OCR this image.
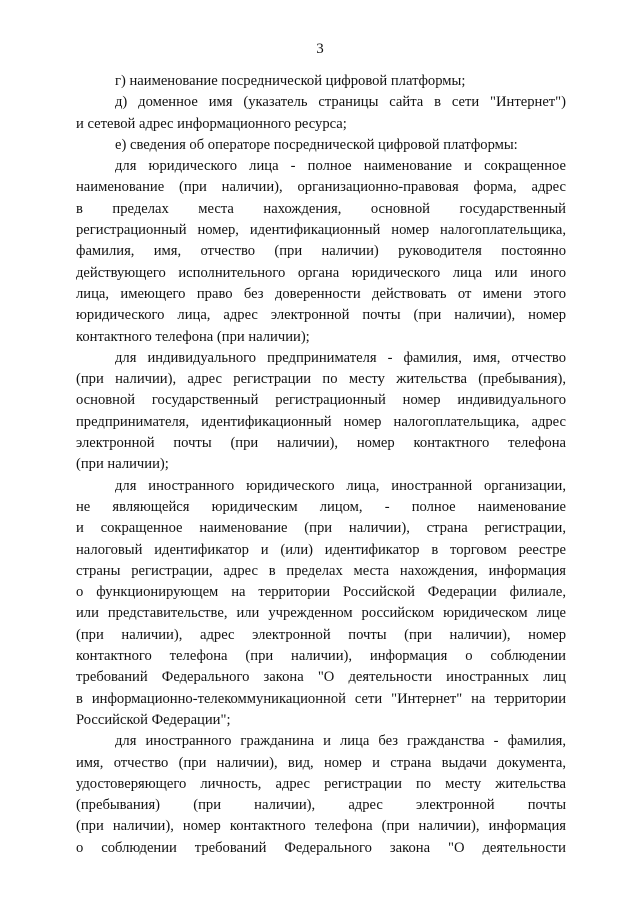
3
г) наименование посреднической цифровой платформы;
д) доменное имя (указатель страницы сайта в сети "Интернет")
и сетевой адрес информационного ресурса;
е) сведения об операторе посреднической цифровой платформы:
для юридического лица - полное наименование и сокращенное
наименование (при наличии), организационно-правовая форма, адрес
в пределах места нахождения, основной государственный
регистрационный номер, идентификационный номер налогоплательщика,
фамилия, имя, отчество (при наличии) руководителя постоянно
действующего исполнительного органа юридического лица или иного
лица, имеющего право без доверенности действовать от имени этого
юридического лица, адрес электронной почты (при наличии), номер
контактного телефона (при наличии);
для индивидуального предпринимателя - фамилия, имя, отчество
(при наличии), адрес регистрации по месту жительства (пребывания),
основной государственный регистрационный номер индивидуального
предпринимателя, идентификационный номер налогоплательщика, адрес
электронной почты (при наличии), номер контактного телефона
(при наличии);
для иностранного юридического лица, иностранной организации,
не являющейся юридическим лицом, - полное наименование
и сокращенное наименование (при наличии), страна регистрации,
налоговый идентификатор и (или) идентификатор в торговом реестре
страны регистрации, адрес в пределах места нахождения, информация
о функционирующем на территории Российской Федерации филиале,
или представительстве, или учрежденном российском юридическом лице
(при наличии), адрес электронной почты (при наличии), номер
контактного телефона (при наличии), информация о соблюдении
требований Федерального закона "О деятельности иностранных лиц
в информационно-телекоммуникационной сети "Интернет" на территории
Российской Федерации";
для иностранного гражданина и лица без гражданства - фамилия,
имя, отчество (при наличии), вид, номер и страна выдачи документа,
удостоверяющего личность, адрес регистрации по месту жительства
(пребывания) (при наличии), адрес электронной почты
(при наличии), номер контактного телефона (при наличии), информация
о соблюдении требований Федерального закона "О деятельности
